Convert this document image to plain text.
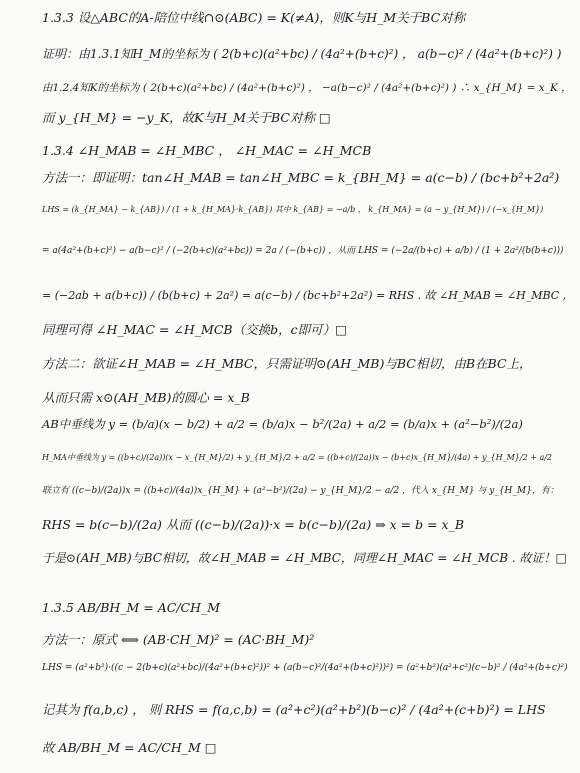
1.3.3 设△ABC的A-陪位中线∩⊙(ABC) = K(≠A)，则K与H_M关于BC对称
证明：由1.3.1知H_M的坐标为 ( 2(b+c)(a²+bc) / (4a²+(b+c)²) ， a(b−c)² / (4a²+(b+c)²) )
由1.2.4知K的坐标为 ( 2(b+c)(a²+bc) / (4a²+(b+c)²) ， −a(b−c)² / (4a²+(b+c)²) ) ∴ x_{H_M} = x_K ，
而 y_{H_M} = −y_K，故K与H_M关于BC对称 □
1.3.4 ∠H_MAB = ∠H_MBC ， ∠H_MAC = ∠H_MCB
方法一：即证明：tan∠H_MAB = tan∠H_MBC = k_{BH_M} = a(c−b) / (bc+b²+2a²)
LHS = (k_{H_MA} − k_{AB}) / (1 + k_{H_MA}·k_{AB}) 其中 k_{AB} = −a/b ， k_{H_MA} = (a − y_{H_M}) / (−x_{H_M})
= a(4a²+(b+c)²) − a(b−c)² / (−2(b+c)(a²+bc)) = 2a / (−(b+c)) ，从而 LHS = (−2a/(b+c) + a/b) / (1 + 2a²/(b(b+c)))
= (−2ab + a(b+c)) / (b(b+c) + 2a²) = a(c−b) / (bc+b²+2a²) = RHS . 故 ∠H_MAB = ∠H_MBC ,
同理可得 ∠H_MAC = ∠H_MCB（交换b，c即可）□
方法二：欲证∠H_MAB = ∠H_MBC，只需证明⊙(AH_MB)与BC相切，由B在BC上，
从而只需 x⊙(AH_MB)的圆心 = x_B
AB中垂线为 y = (b/a)(x − b/2) + a/2 = (b/a)x − b²/(2a) + a/2 = (b/a)x + (a²−b²)/(2a)
H_MA中垂线为 y = ((b+c)/(2a))(x − x_{H_M}/2) + y_{H_M}/2 + a/2 = ((b+c)/(2a))x − (b+c)x_{H_M}/(4a) + y_{H_M}/2 + a/2
联立有 ((c−b)/(2a))x = ((b+c)/(4a))x_{H_M} + (a²−b²)/(2a) − y_{H_M}/2 − a/2 ，代入 x_{H_M} 与 y_{H_M}，有：
RHS = b(c−b)/(2a) 从而 ((c−b)/(2a))·x = b(c−b)/(2a) ⇒ x = b = x_B
于是⊙(AH_MB)与BC相切，故∠H_MAB = ∠H_MBC，同理∠H_MAC = ∠H_MCB . 故证！□
1.3.5 AB/BH_M = AC/CH_M
方法一：原式 ⟺ (AB·CH_M)² = (AC·BH_M)²
LHS = (a²+b²)·((c − 2(b+c)(a²+bc)/(4a²+(b+c)²))² + (a(b−c)²/(4a²+(b+c)²))²) = (a²+b²)(a²+c²)(c−b)² / (4a²+(b+c)²)
记其为 f(a,b,c) ， 则 RHS = f(a,c,b) = (a²+c²)(a²+b²)(b−c)² / (4a²+(c+b)²) = LHS
故 AB/BH_M = AC/CH_M □
